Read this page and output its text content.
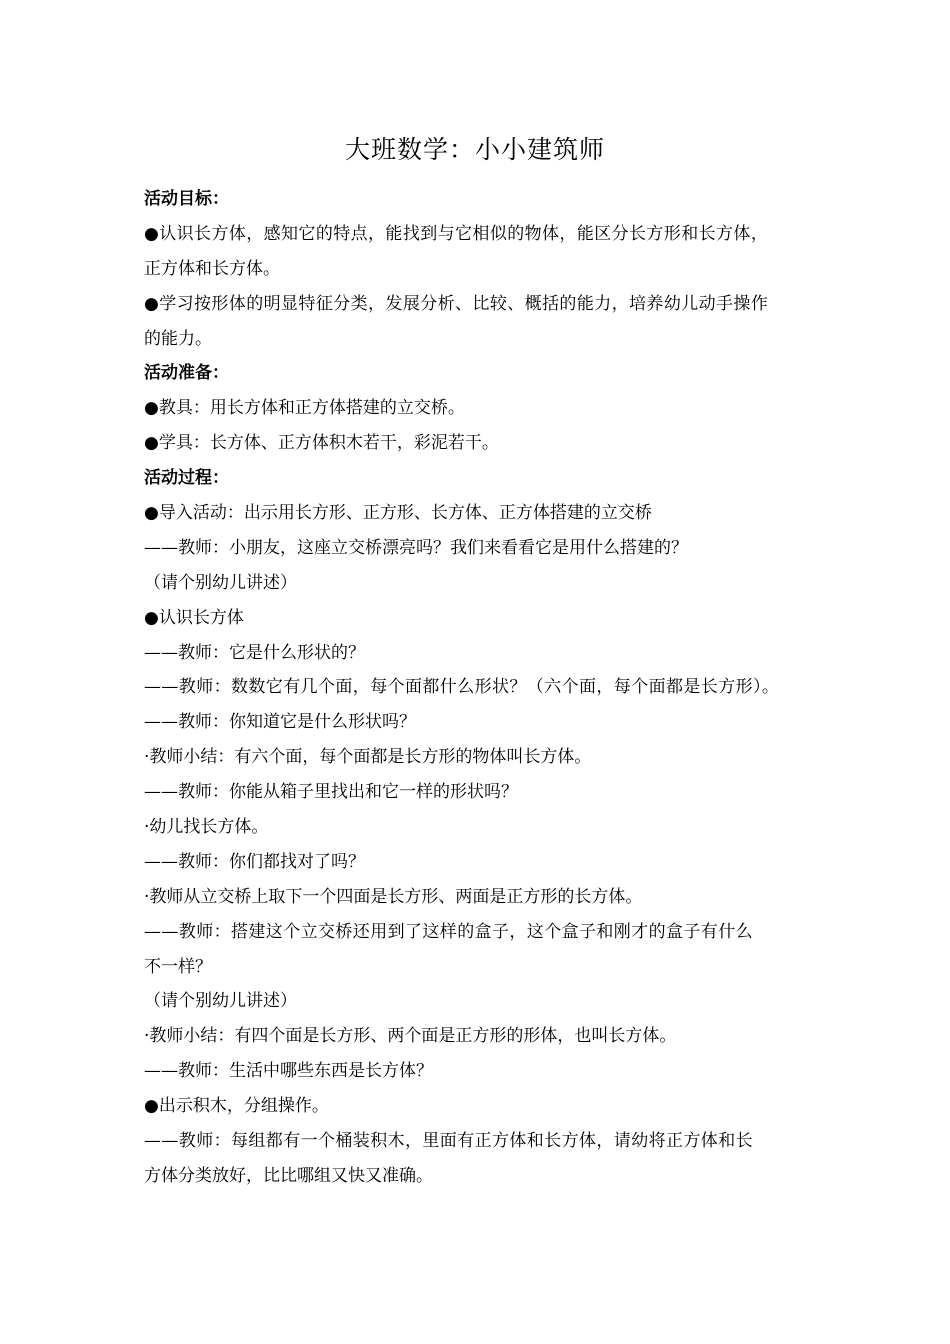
大班数学：小小建筑师
活动目标：
●认识长方体，感知它的特点，能找到与它相似的物体，能区分长方形和长方体，
正方体和长方体。
●学习按形体的明显特征分类，发展分析、比较、概括的能力，培养幼儿动手操作
的能力。
活动准备：
●教具：用长方体和正方体搭建的立交桥。
●学具：长方体、正方体积木若干，彩泥若干。
活动过程：
●导入活动：出示用长方形、正方形、长方体、正方体搭建的立交桥
——教师：小朋友，这座立交桥漂亮吗？我们来看看它是用什么搭建的？
（请个别幼儿讲述）
●认识长方体
——教师：它是什么形状的？
——教师：数数它有几个面，每个面都什么形状？（六个面，每个面都是长方形）。
——教师：你知道它是什么形状吗？
·教师小结：有六个面，每个面都是长方形的物体叫长方体。
——教师：你能从箱子里找出和它一样的形状吗？
·幼儿找长方体。
——教师：你们都找对了吗？
·教师从立交桥上取下一个四面是长方形、两面是正方形的长方体。
——教师：搭建这个立交桥还用到了这样的盒子，这个盒子和刚才的盒子有什么
不一样？
（请个别幼儿讲述）
·教师小结：有四个面是长方形、两个面是正方形的形体，也叫长方体。
——教师：生活中哪些东西是长方体？
●出示积木，分组操作。
——教师：每组都有一个桶装积木，里面有正方体和长方体，请幼将正方体和长
方体分类放好，比比哪组又快又准确。
